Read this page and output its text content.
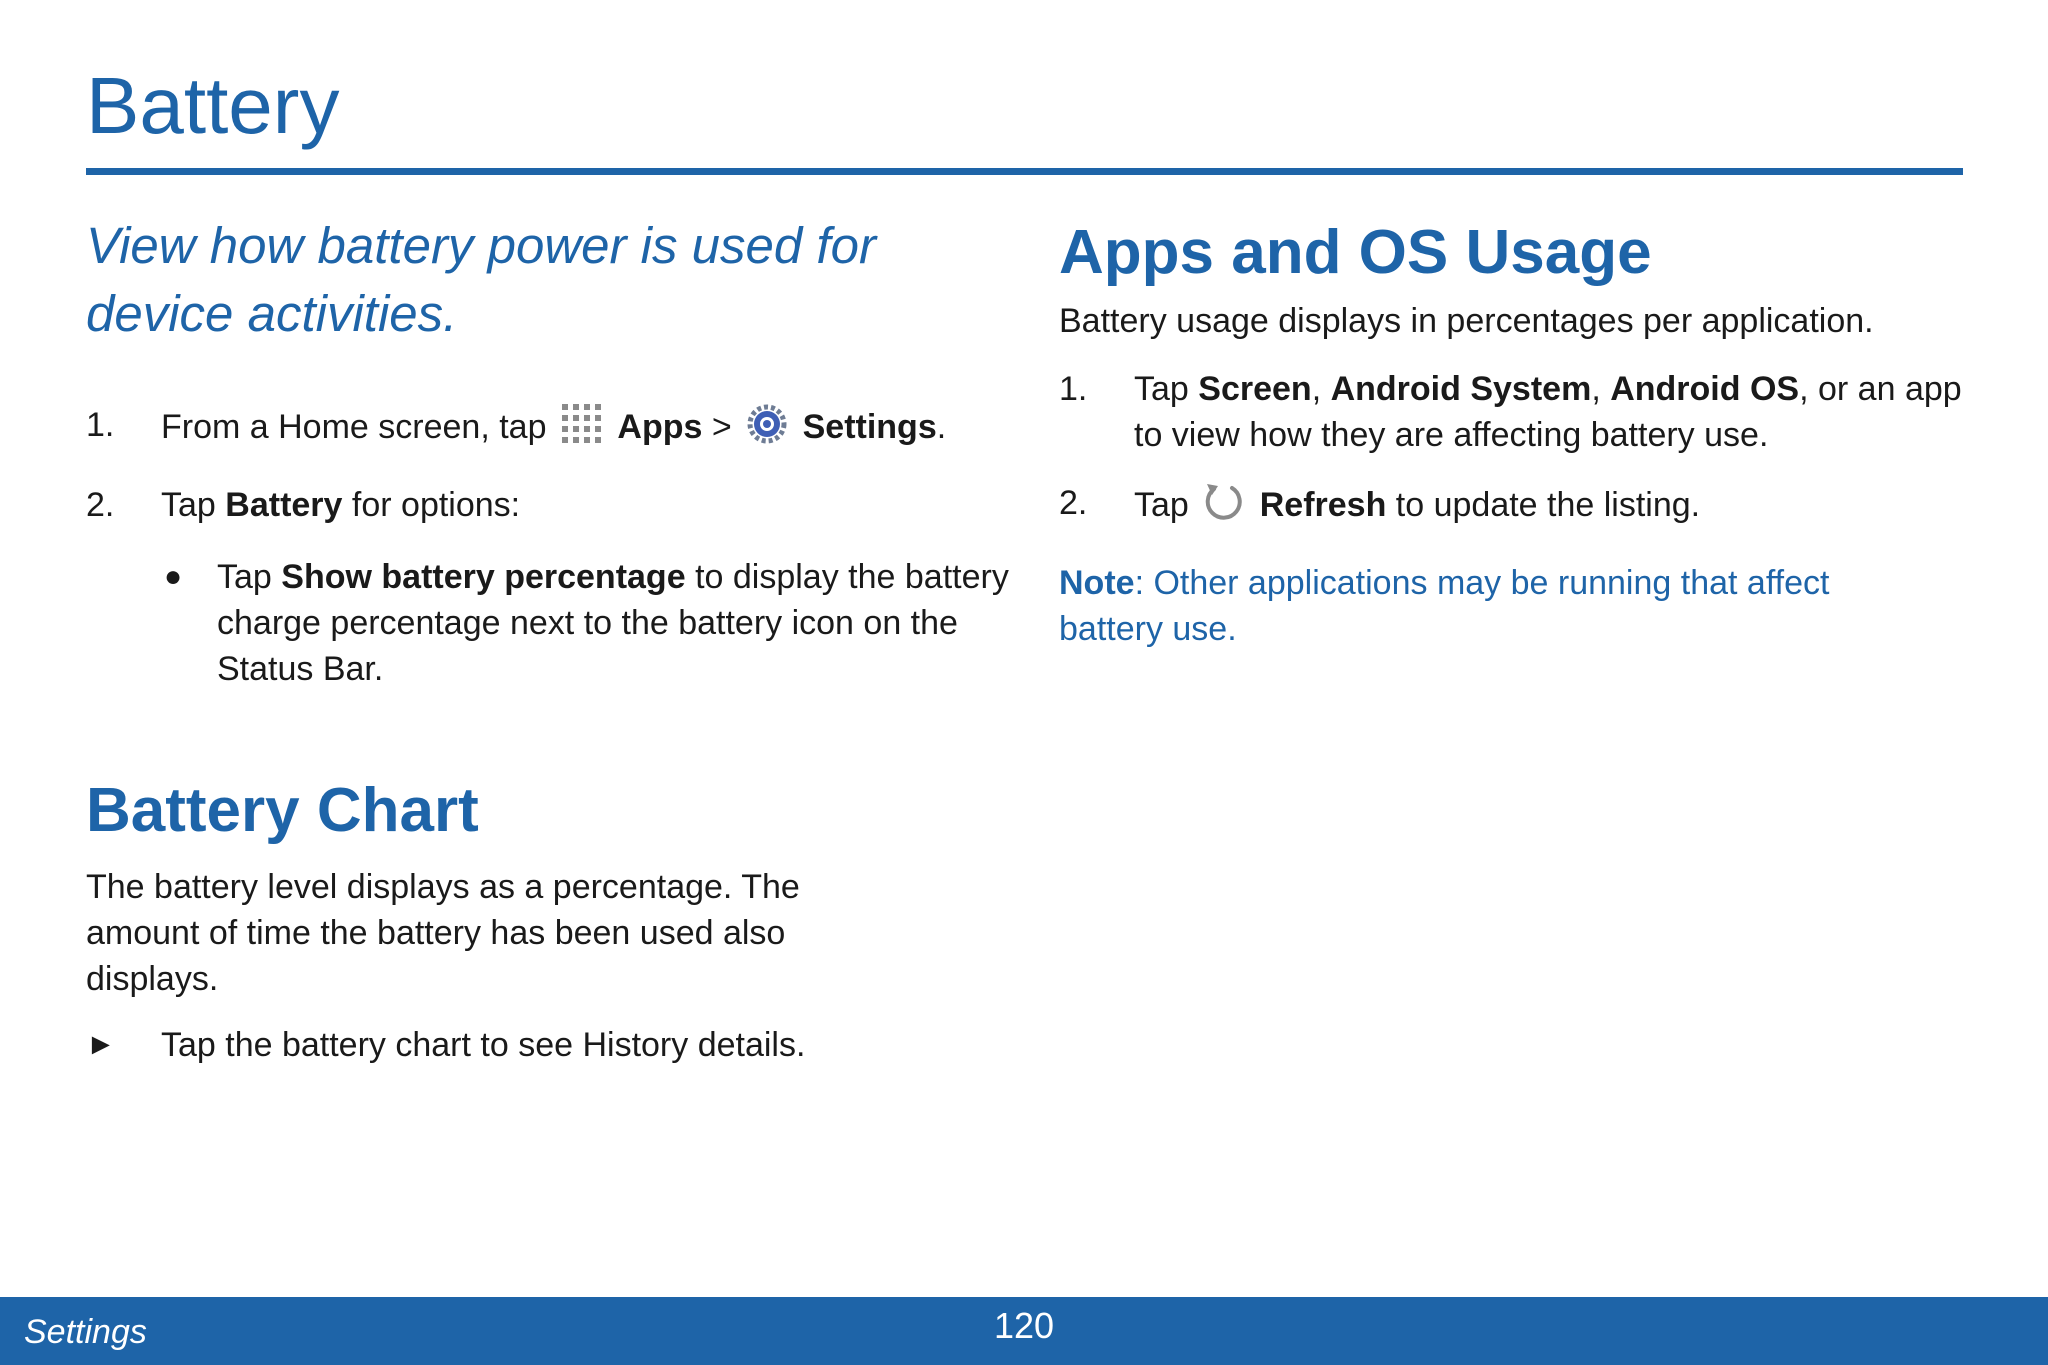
Battery

View how battery power is used for device activities.

1. From a Home screen, tap Apps > Settings.
2. Tap Battery for options:
● Tap Show battery percentage to display the battery charge percentage next to the battery icon on the Status Bar.
Battery Chart

The battery level displays as a percentage. The amount of time the battery has been used also displays.

► Tap the battery chart to see History details.
Apps and OS Usage

Battery usage displays in percentages per application.

1. Tap Screen, Android System, Android OS, or an app to view how they are affecting battery use.
2. Tap Refresh to update the listing.

Note: Other applications may be running that affect battery use.

Settings	120
